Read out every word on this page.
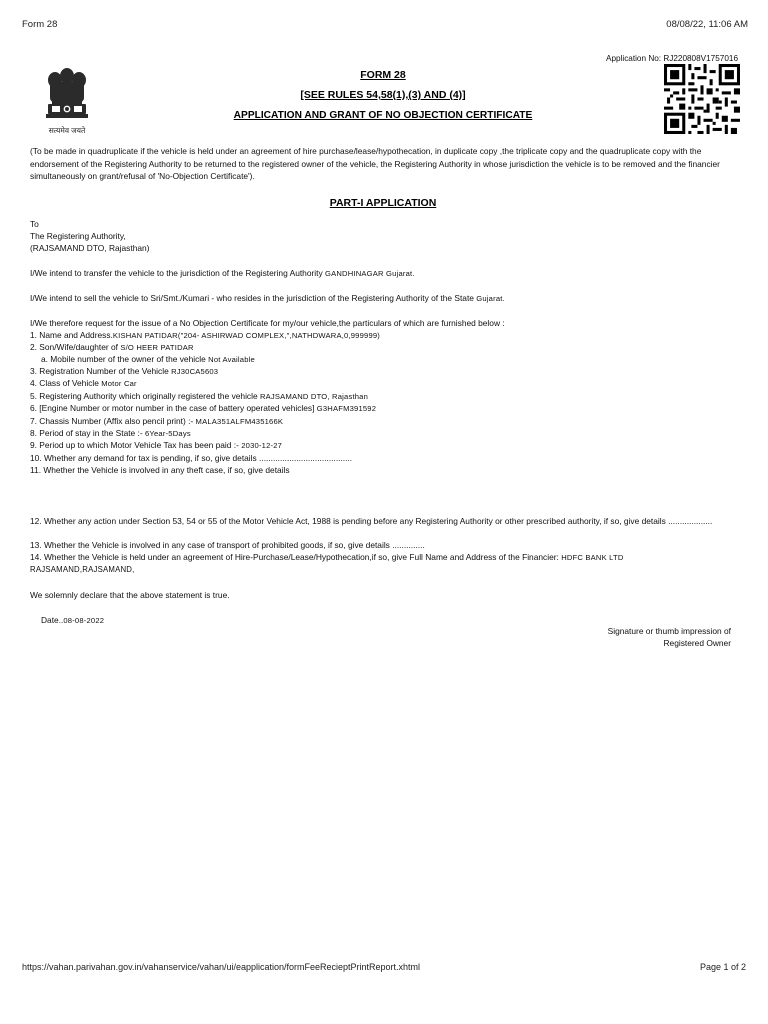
Form 28	08/08/22, 11:06 AM
सत्यमेव जयते
Application No: RJ220808V1757016
FORM 28
[SEE RULES 54,58(1),(3) AND (4)]
APPLICATION AND GRANT OF NO OBJECTION CERTIFICATE
(To be made in quadruplicate if the vehicle is held under an agreement of hire purchase/lease/hypothecation, in duplicate copy ,the triplicate copy and the quadruplicate copy with the endorsement of the Registering Authority to be returned to the registered owner of the vehicle, the Registering Authority in whose jurisdiction the vehicle is to be removed and the financier simultaneously on grant/refusal of 'No-Objection Certificate').
PART-I APPLICATION
To
The Registering Authority,
(RAJSAMAND DTO, Rajasthan)
I/We intend to transfer the vehicle to the jurisdiction of the Registering Authority GANDHINAGAR Gujarat.
I/We intend to sell the vehicle to Sri/Smt./Kumari - who resides in the jurisdiction of the Registering Authority of the State Gujarat.
I/We therefore request for the issue of a No Objection Certificate for my/our vehicle,the particulars of which are furnished below :
1. Name and Address.KISHAN PATIDAR("204- ASHIRWAD COMPLEX,",NATHDWARA,0,999999)
2. Son/Wife/daughter of S/O HEER PATIDAR
a. Mobile number of the owner of the vehicle Not Available
3. Registration Number of the Vehicle RJ30CA5603
4. Class of Vehicle Motor Car
5. Registering Authority which originally registered the vehicle RAJSAMAND DTO, Rajasthan
6. [Engine Number or motor number in the case of battery operated vehicles] G3HAFM391592
7. Chassis Number (Affix also pencil print) :- MALA351ALFM435166K
8. Period of stay in the State :- 6Year-5Days
9. Period up to which Motor Vehicle Tax has been paid :- 2030-12-27
10. Whether any demand for tax is pending, if so, give details ........................................
11. Whether the Vehicle is involved in any theft case, if so, give details
12. Whether any action under Section 53, 54 or 55 of the Motor Vehicle Act, 1988 is pending before any Registering Authority or other prescribed authority, if so, give details ...................
13. Whether the Vehicle is involved in any case of transport of prohibited goods, if so, give details ..............
14. Whether the Vehicle is held under an agreement of Hire-Purchase/Lease/Hypothecation,if so, give Full Name and Address of the Financier: HDFC BANK LTD
RAJSAMAND,RAJSAMAND,
We solemnly declare that the above statement is true.
Date..08-08-2022
Signature or thumb impression of
Registered Owner
https://vahan.parivahan.gov.in/vahanservice/vahan/ui/eapplication/formFeeRecieptPrintReport.xhtml	Page 1 of 2
